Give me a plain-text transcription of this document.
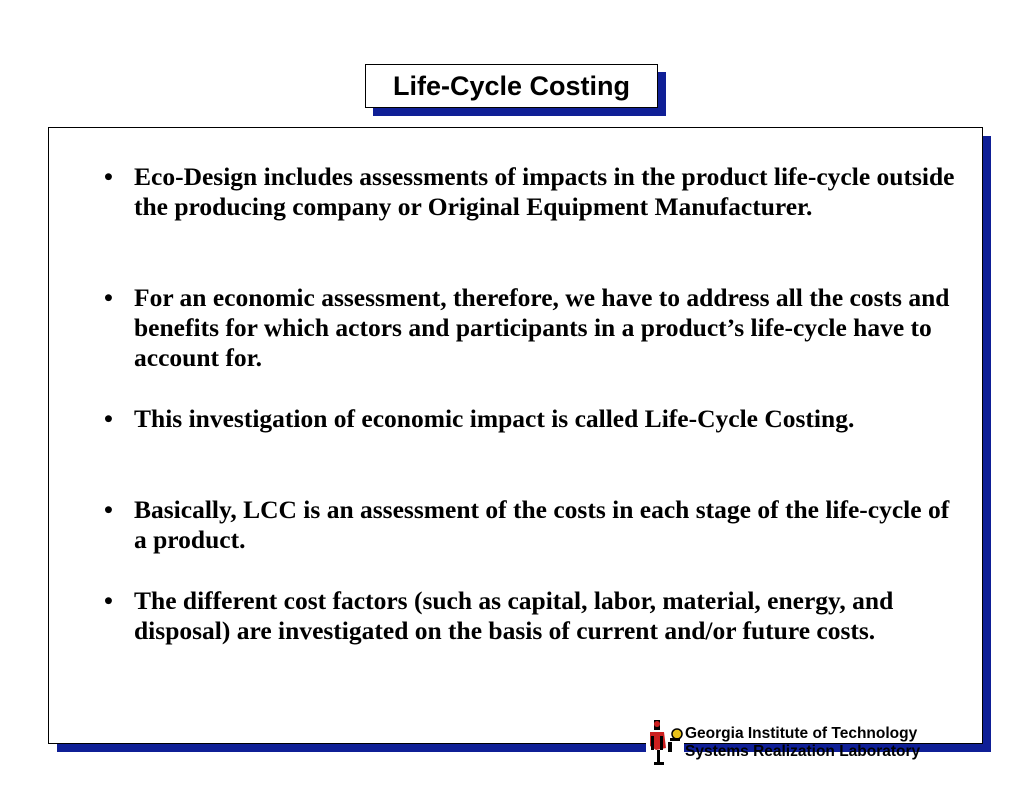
Life-Cycle Costing
• Eco-Design includes assessments of impacts in the product life-cycle outside the producing company or Original Equipment Manufacturer.
• For an economic assessment, therefore, we have to address all the costs and benefits for which actors and participants in a product’s life-cycle have to account for.
• This investigation of economic impact is called Life-Cycle Costing.
• Basically, LCC is an assessment of the costs in each stage of the life-cycle of a product.
• The different cost factors (such as capital, labor, material, energy, and disposal) are investigated on the basis of current and/or future costs.
Georgia Institute of Technology
Systems Realization Laboratory
